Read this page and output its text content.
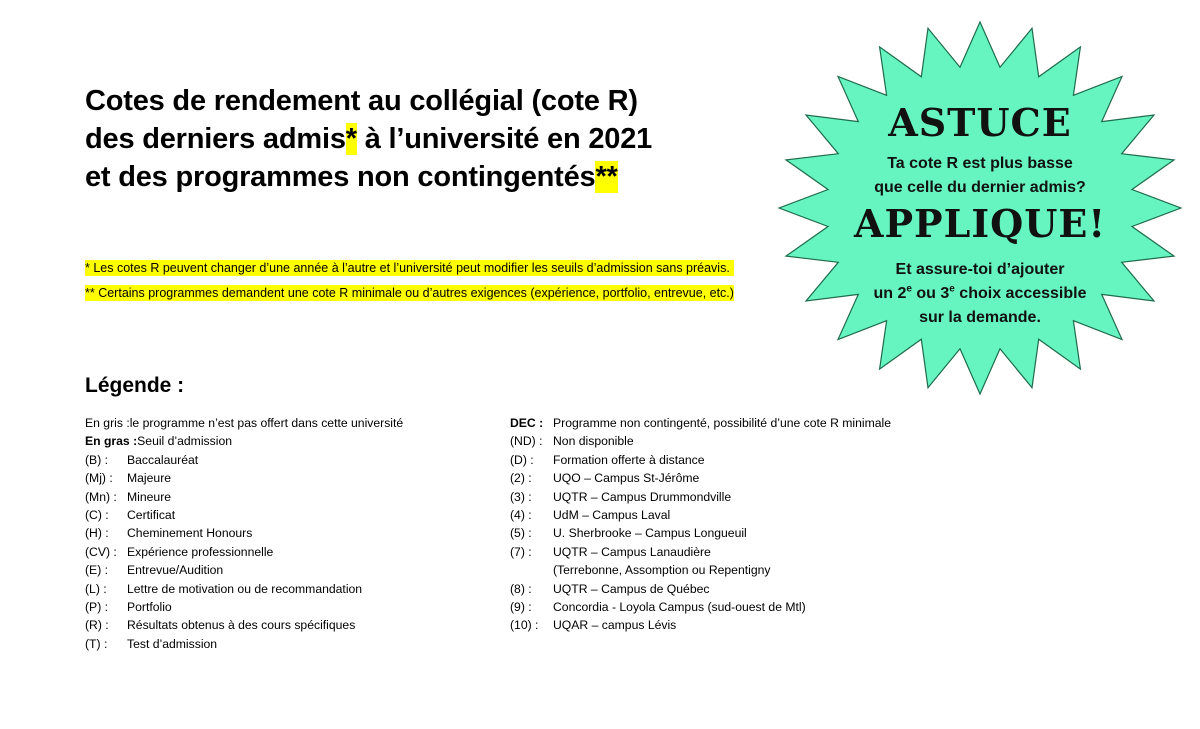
Cotes de rendement au collégial (cote R)
des derniers admis* à l’université en 2021
et des programmes non contingentés**
* Les cotes R peuvent changer d’une année à l’autre et l’université peut modifier les seuils d’admission sans préavis.
** Certains programmes demandent une cote R minimale ou d’autres exigences (expérience, portfolio, entrevue, etc.)
ASTUCE
Ta cote R est plus basse
que celle du dernier admis?
APPLIQUE!
Et assure-toi d’ajouter
un 2e ou 3e choix accessible
sur la demande.
Légende :
En gris : le programme n’est pas offert dans cette université
En gras : Seuil d’admission
(B) :	Baccalauréat
(Mj) :	Majeure
(Mn) : Mineure
(C) :	Certificat
(H) :	Cheminement Honours
(CV) : Expérience professionnelle
(E) :	Entrevue/Audition
(L) :	Lettre de motivation ou de recommandation
(P) :	Portfolio
(R) :	Résultats obtenus à des cours spécifiques
(T) :	Test d’admission
DEC : Programme non contingenté, possibilité d’une cote R minimale
(ND) : Non disponible
(D) :	Formation offerte à distance
(2) :	UQO – Campus St-Jérôme
(3) :	UQTR – Campus Drummondville
(4) :	UdM – Campus Laval
(5) :	U. Sherbrooke – Campus Longueuil
(7) :	UQTR – Campus Lanaudière
(Terrebonne, Assomption ou Repentigny
(8) :	UQTR – Campus de Québec
(9) :	Concordia - Loyola Campus (sud-ouest de Mtl)
(10) :	UQAR – campus Lévis
